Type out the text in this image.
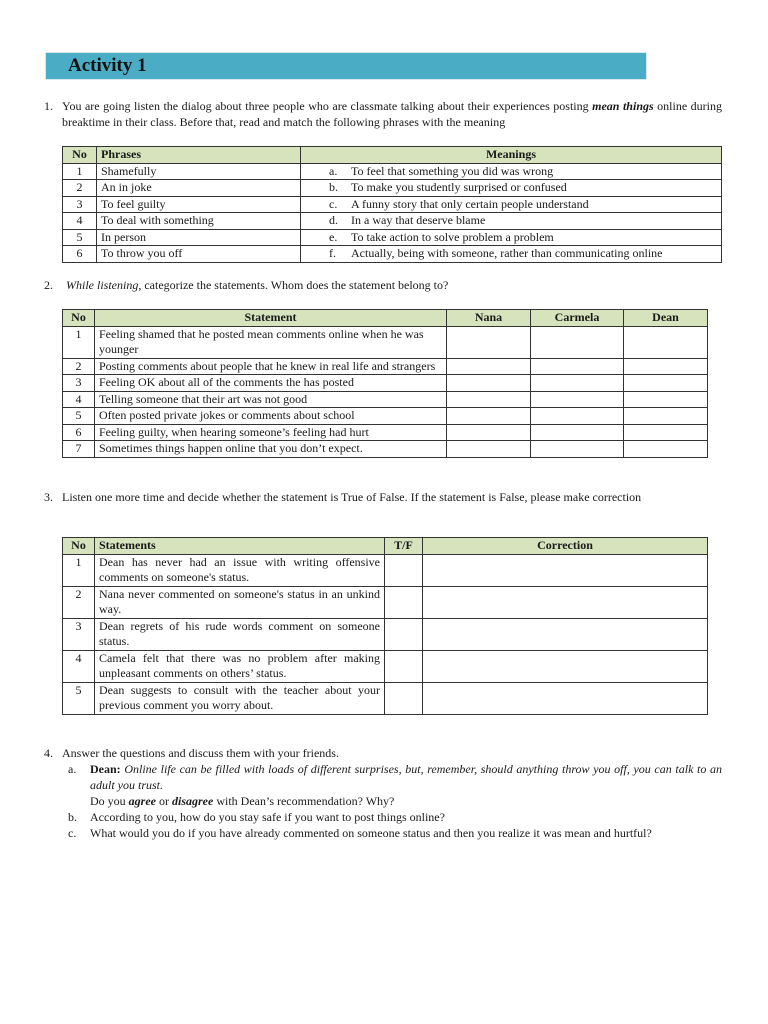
Activity 1
1. You are going listen the dialog about three people who are classmate talking about their experiences posting mean things online during breaktime in their class. Before that, read and match the following phrases with the meaning
No	Phrases	Meanings
1	Shamefully	a. To feel that something you did was wrong
2	An in joke	b. To make you studently surprised or confused
3	To feel guilty	c. A funny story that only certain people understand
4	To deal with something	d. In a way that deserve blame
5	In person	e. To take action to solve problem a problem
6	To throw you off	f. Actually, being with someone, rather than communicating online
2. While listening, categorize the statements. Whom does the statement belong to?
No	Statement	Nana	Carmela	Dean
1	Feeling shamed that he posted mean comments online when he was younger			
2	Posting comments about people that he knew in real life and strangers			
3	Feeling OK about all of the comments the has posted			
4	Telling someone that their art was not good			
5	Often posted private jokes or comments about school			
6	Feeling guilty, when hearing someone’s feeling had hurt			
7	Sometimes things happen online that you don’t expect.			
3. Listen one more time and decide whether the statement is True of False. If the statement is False, please make correction
No	Statements	T/F	Correction
1	Dean has never had an issue with writing offensive comments on someone's status.		
2	Nana never commented on someone's status in an unkind way.		
3	Dean regrets of his rude words comment on someone status.		
4	Camela felt that there was no problem after making unpleasant comments on others’ status.		
5	Dean suggests to consult with the teacher about your previous comment you worry about.		
4. Answer the questions and discuss them with your friends.
a. Dean: Online life can be filled with loads of different surprises, but, remember, should anything throw you off, you can talk to an adult you trust.
Do you agree or disagree with Dean’s recommendation? Why?
b. According to you, how do you stay safe if you want to post things online?
c. What would you do if you have already commented on someone status and then you realize it was mean and hurtful?
